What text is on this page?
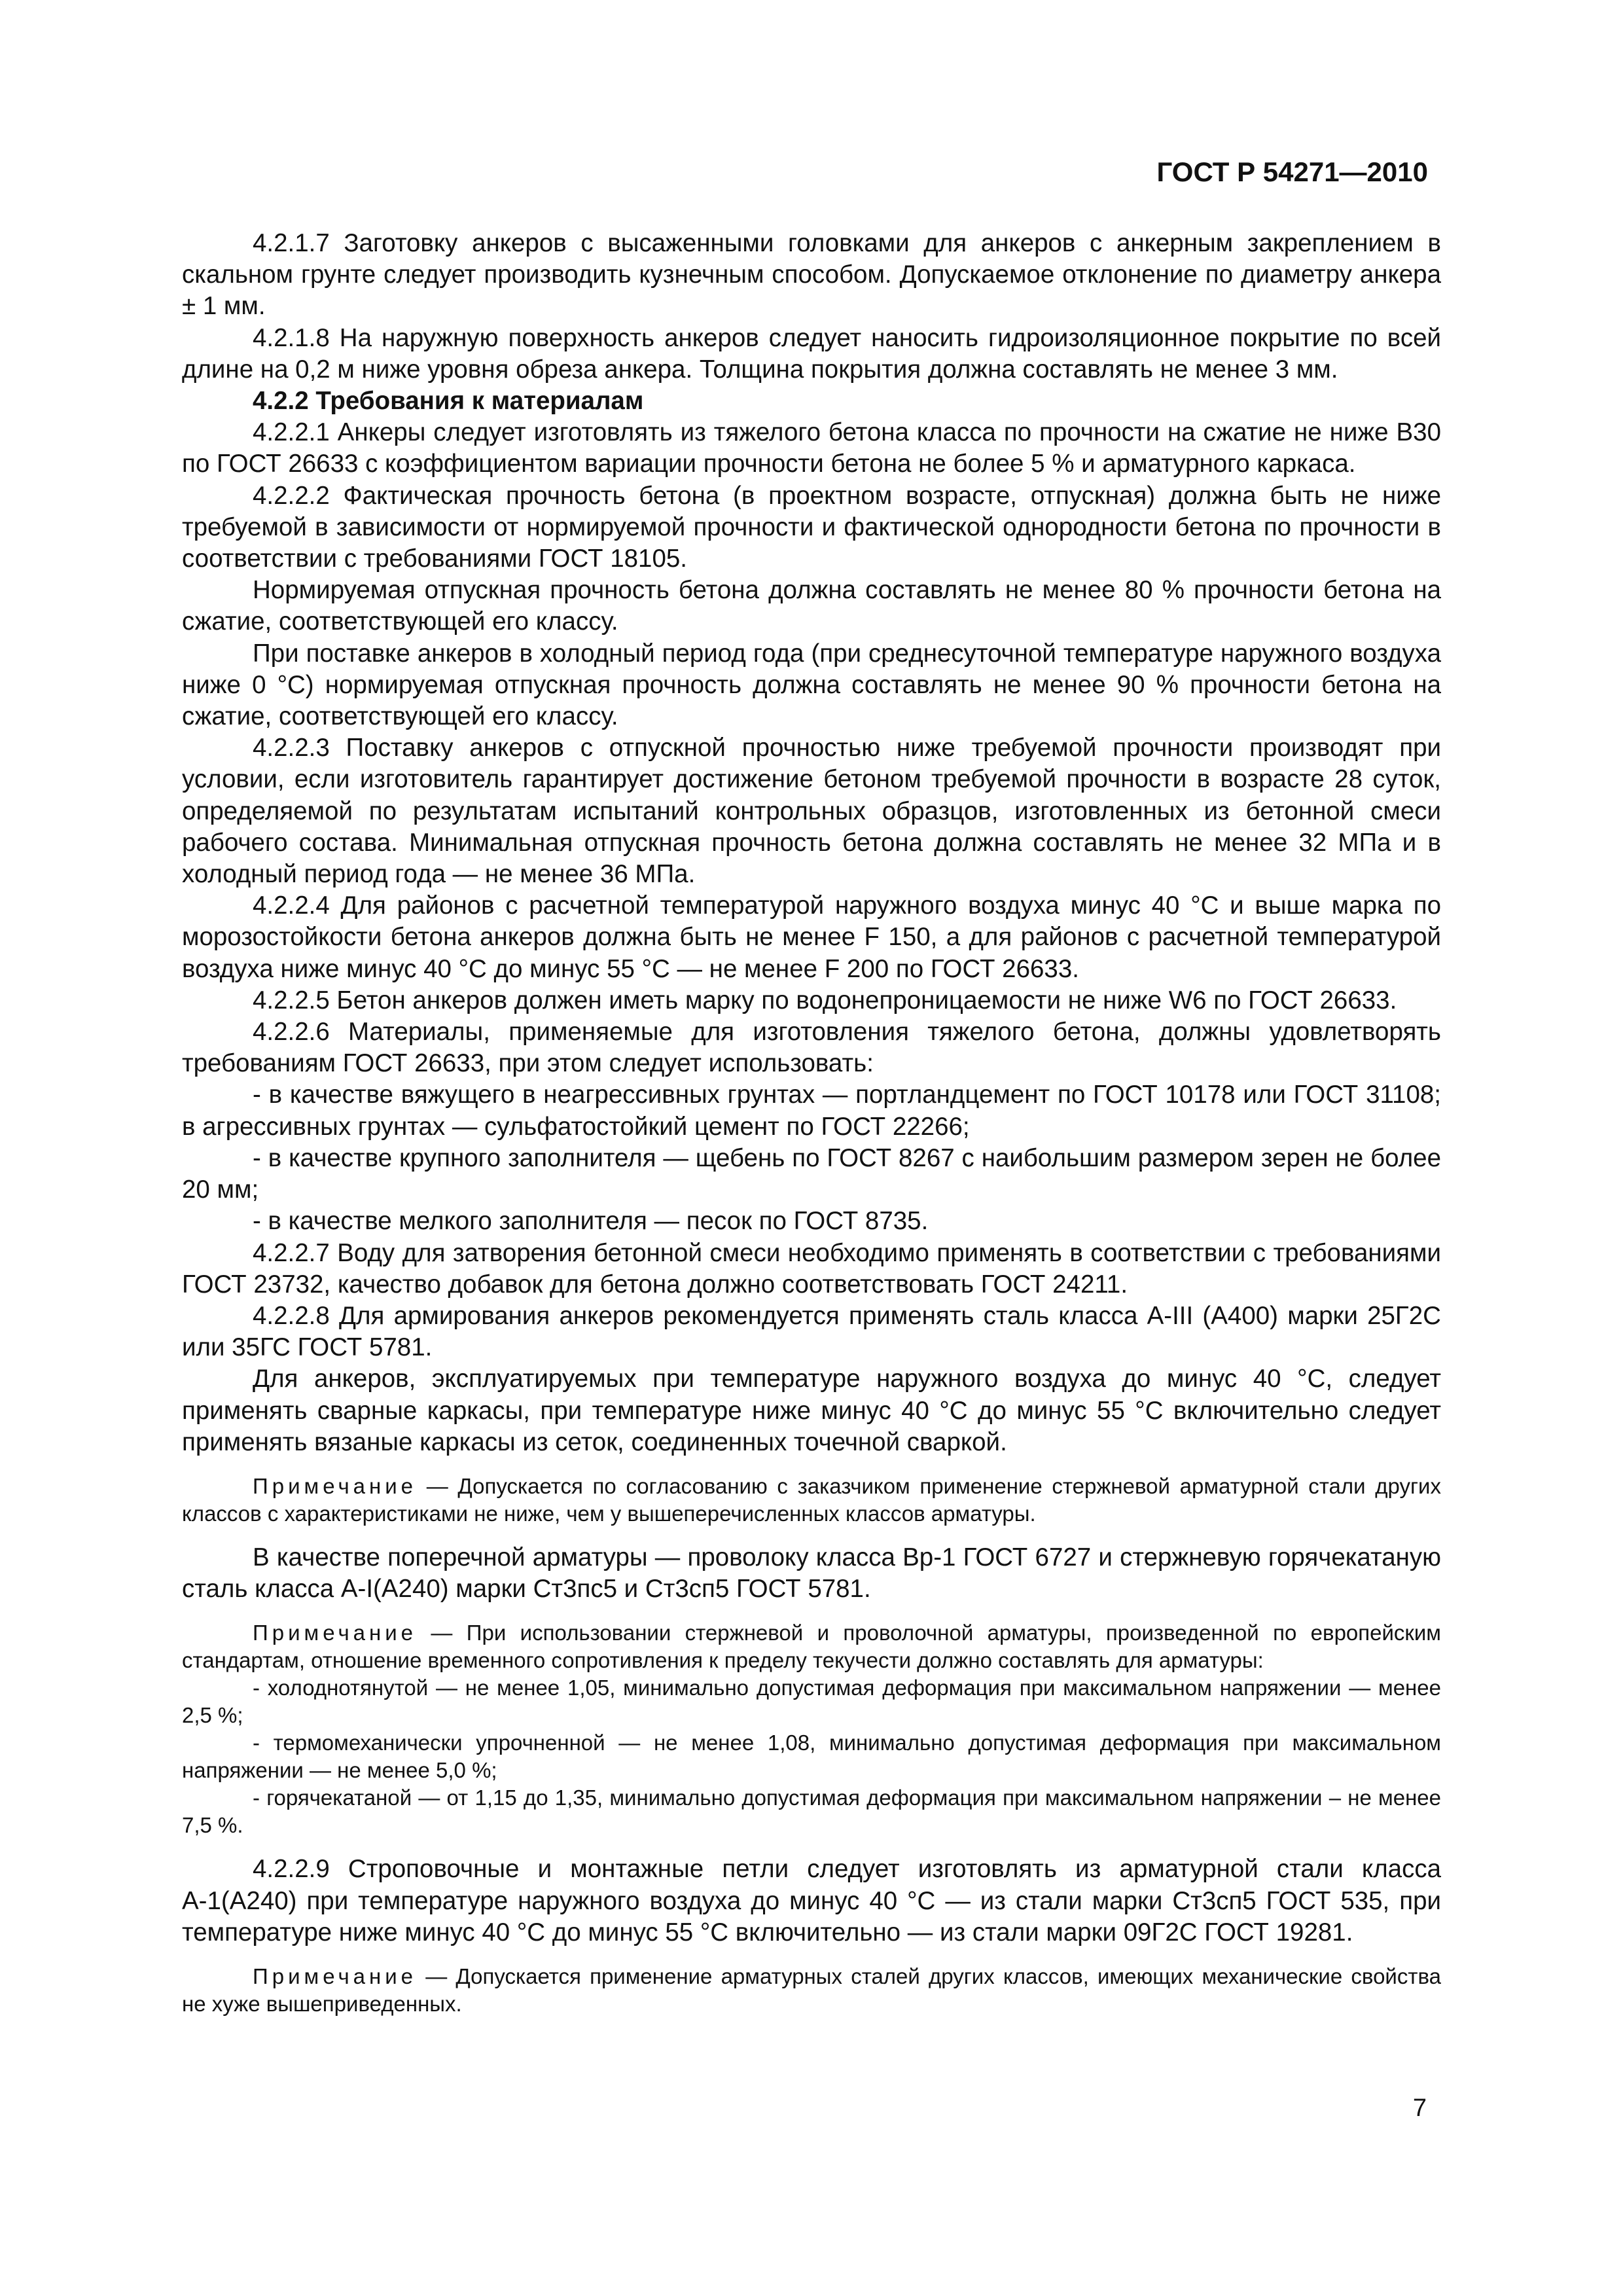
ГОСТ Р 54271—2010

4.2.1.7 Заготовку анкеров с высаженными головками для анкеров с анкерным закреплением в скальном грунте следует производить кузнечным способом. Допускаемое отклонение по диаметру анкера ± 1 мм.

4.2.1.8 На наружную поверхность анкеров следует наносить гидроизоляционное покрытие по всей длине на 0,2 м ниже уровня обреза анкера. Толщина покрытия должна составлять не менее 3 мм.

4.2.2 Требования к материалам

4.2.2.1 Анкеры следует изготовлять из тяжелого бетона класса по прочности на сжатие не ниже В30 по ГОСТ 26633 с коэффициентом вариации прочности бетона не более 5 % и арматурного каркаса.

4.2.2.2 Фактическая прочность бетона (в проектном возрасте, отпускная) должна быть не ниже требуемой в зависимости от нормируемой прочности и фактической однородности бетона по прочности в соответствии с требованиями ГОСТ 18105.

Нормируемая отпускная прочность бетона должна составлять не менее 80 % прочности бетона на сжатие, соответствующей его классу.

При поставке анкеров в холодный период года (при среднесуточной температуре наружного воздуха ниже 0 °С) нормируемая отпускная прочность должна составлять не менее 90 % прочности бетона на сжатие, соответствующей его классу.

4.2.2.3 Поставку анкеров с отпускной прочностью ниже требуемой прочности производят при условии, если изготовитель гарантирует достижение бетоном требуемой прочности в возрасте 28 суток, определяемой по результатам испытаний контрольных образцов, изготовленных из бетонной смеси рабочего состава. Минимальная отпускная прочность бетона должна составлять не менее 32 МПа и в холодный период года — не менее 36 МПа.

4.2.2.4 Для районов с расчетной температурой наружного воздуха минус 40 °С и выше марка по морозостойкости бетона анкеров должна быть не менее F 150, а для районов с расчетной температурой воздуха ниже минус 40 °С до минус 55 °С — не менее F 200 по ГОСТ 26633.

4.2.2.5 Бетон анкеров должен иметь марку по водонепроницаемости не ниже W6 по ГОСТ 26633.

4.2.2.6 Материалы, применяемые для изготовления тяжелого бетона, должны удовлетворять требованиям ГОСТ 26633, при этом следует использовать:

- в качестве вяжущего в неагрессивных грунтах — портландцемент по ГОСТ 10178 или ГОСТ 31108; в агрессивных грунтах — сульфатостойкий цемент по ГОСТ 22266;

- в качестве крупного заполнителя — щебень по ГОСТ 8267 с наибольшим размером зерен не более 20 мм;

- в качестве мелкого заполнителя — песок по ГОСТ 8735.

4.2.2.7 Воду для затворения бетонной смеси необходимо применять в соответствии с требованиями ГОСТ 23732, качество добавок для бетона должно соответствовать ГОСТ 24211.

4.2.2.8 Для армирования анкеров рекомендуется применять сталь класса А-III (А400) марки 25Г2С или 35ГС ГОСТ 5781.

Для анкеров, эксплуатируемых при температуре наружного воздуха до минус 40 °С, следует применять сварные каркасы, при температуре ниже минус 40 °С до минус 55 °С включительно следует применять вязаные каркасы из сеток, соединенных точечной сваркой.

Примечание — Допускается по согласованию с заказчиком применение стержневой арматурной стали других классов с характеристиками не ниже, чем у вышеперечисленных классов арматуры.

В качестве поперечной арматуры — проволоку класса Вр-1 ГОСТ 6727 и стержневую горячекатаную сталь класса А-I(А240) марки Ст3пс5 и Ст3сп5 ГОСТ 5781.

Примечание — При использовании стержневой и проволочной арматуры, произведенной по европейским стандартам, отношение временного сопротивления к пределу текучести должно составлять для арматуры:

- холоднотянутой — не менее 1,05, минимально допустимая деформация при максимальном напряжении — менее 2,5 %;

- термомеханически упрочненной — не менее 1,08, минимально допустимая деформация при максимальном напряжении — не менее 5,0 %;

- горячекатаной — от 1,15 до 1,35, минимально допустимая деформация при максимальном напряжении – не менее 7,5 %.

4.2.2.9 Строповочные и монтажные петли следует изготовлять из арматурной стали класса А-1(А240) при температуре наружного воздуха до минус 40 °С — из стали марки Ст3сп5 ГОСТ 535, при температуре ниже минус 40 °С до минус 55 °С включительно — из стали марки 09Г2С ГОСТ 19281.

Примечание — Допускается применение арматурных сталей других классов, имеющих механические свойства не хуже вышеприведенных.

7
